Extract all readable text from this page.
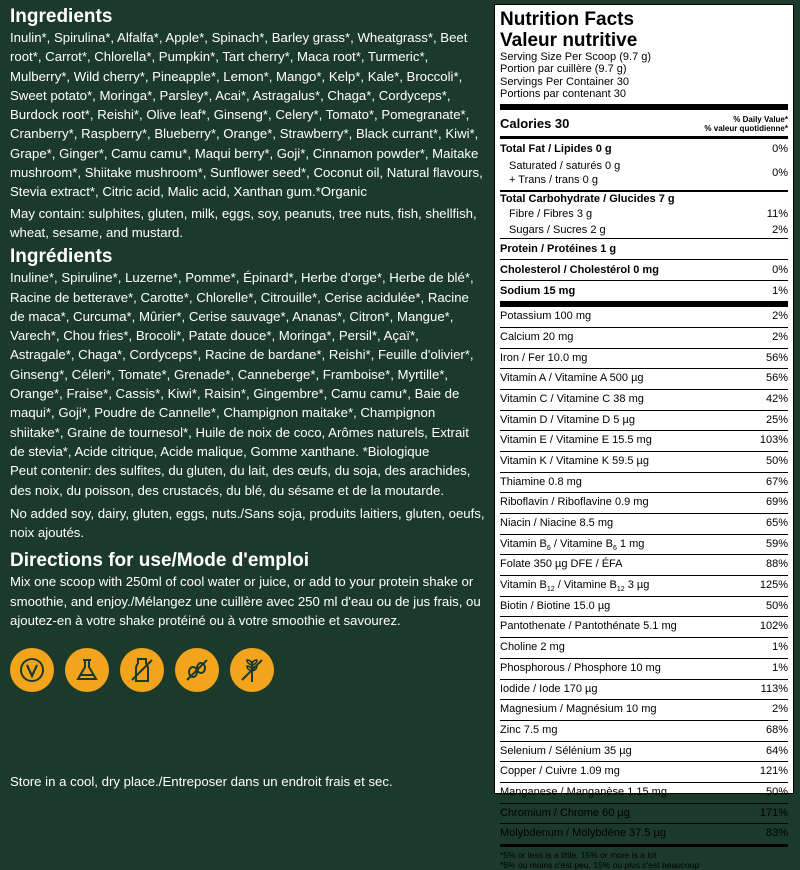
Ingredients

Inulin*, Spirulina*, Alfalfa*, Apple*, Spinach*, Barley grass*, Wheatgrass*, Beet root*, Carrot*, Chlorella*, Pumpkin*, Tart cherry*, Maca root*, Turmeric*, Mulberry*, Wild cherry*, Pineapple*, Lemon*, Mango*, Kelp*, Kale*, Broccoli*, Sweet potato*, Moringa*, Parsley*, Acai*, Astragalus*, Chaga*, Cordyceps*, Burdock root*, Reishi*, Olive leaf*, Ginseng*, Celery*, Tomato*, Pomegranate*, Cranberry*, Raspberry*, Blueberry*, Orange*, Strawberry*, Black currant*, Kiwi*, Grape*, Ginger*, Camu camu*, Maqui berry*, Goji*, Cinnamon powder*, Maitake mushroom*, Shiitake mushroom*, Sunflower seed*, Coconut oil, Natural flavours, Stevia extract*, Citric acid, Malic acid, Xanthan gum.*Organic

May contain: sulphites, gluten, milk, eggs, soy, peanuts, tree nuts, fish, shellfish, wheat, sesame, and mustard.

Ingrédients

Inuline*, Spiruline*, Luzerne*, Pomme*, Épinard*, Herbe d'orge*, Herbe de blé*, Racine de betterave*, Carotte*, Chlorelle*, Citrouille*, Cerise acidulée*, Racine de maca*, Curcuma*, Mûrier*, Cerise sauvage*, Ananas*, Citron*, Mangue*, Varech*, Chou fries*, Brocoli*, Patate douce*, Moringa*, Persil*, Açaï*, Astragale*, Chaga*, Cordyceps*, Racine de bardane*, Reishi*, Feuille d'olivier*, Ginseng*, Céleri*, Tomate*, Grenade*, Canneberge*, Framboise*, Myrtille*, Orange*, Fraise*, Cassis*, Kiwi*, Raisin*, Gingembre*, Camu camu*, Baie de maqui*, Goji*, Poudre de Cannelle*, Champignon maitake*, Champignon shiitake*, Graine de tournesol*, Huile de noix de coco, Arômes naturels, Extrait de stevia*, Acide citrique, Acide malique, Gomme xanthane. *Biologique

Peut contenir: des sulfites, du gluten, du lait, des œufs, du soja, des arachides, des noix, du poisson, des crustacés, du blé, du sésame et de la moutarde.

No added soy, dairy, gluten, eggs, nuts./Sans soja, produits laitiers, gluten, oeufs, noix ajoutés.

Directions for use/Mode d'emploi

Mix one scoop with 250ml of cool water or juice, or add to your protein shake or smoothie, and enjoy./Mélangez une cuillère avec 250 ml d'eau ou de jus frais, ou ajoutez-en à votre shake protéiné ou à votre smoothie et savourez.

Store in a cool, dry place./Entreposer dans un endroit frais et sec.
Nutrition Facts
Valeur nutritive
Serving Size Per Scoop (9.7 g)
Portion par cuillère (9.7 g)
Servings Per Container 30
Portions par contenant 30
Calories 30	% Daily Value*
% valeur quotidienne*
Total Fat / Lipides 0 g	0%
Saturated / saturés 0 g
+ Trans / trans 0 g
0%
Total Carbohydrate / Glucides 7 g
Fibre / Fibres 3 g	11%
Sugars / Sucres 2 g	2%
Protein / Protéines 1 g
Cholesterol / Cholestérol 0 mg	0%
Sodium 15 mg	1%
Potassium 100 mg	2%
Calcium 20 mg	2%
Iron / Fer 10.0 mg	56%
Vitamin A / Vitamine A 500 µg	56%
Vitamin C / Vitamine C 38 mg	42%
Vitamin D / Vitamine D 5 µg	25%
Vitamin E / Vitamine E 15.5 mg	103%
Vitamin K / Vitamine K 59.5 µg	50%
Thiamine 0.8 mg	67%
Riboflavin / Riboflavine 0.9 mg	69%
Niacin / Niacine 8.5 mg	65%
Vitamin $B_6$ / Vitamine $B_6$ 1 mg	59%
Folate 350 µg DFE / ÉFA	88%
Vitamin $B_{12}$ / Vitamine $B_{12}$ 3 µg	125%
Biotin / Biotine 15.0 µg	50%
Pantothenate / Pantothénate 5.1 mg	102%
Choline 2 mg	1%
Phosphorous / Phosphore 10 mg	1%
Iodide / Iode 170 µg	113%
Magnesium / Magnésium 10 mg	2%
Zinc 7.5 mg	68%
Selenium / Sélénium 35 µg	64%
Copper / Cuivre 1.09 mg	121%
Manganese / Manganèse 1.15 mg	50%
Chromium / Chrome 60 µg	171%
Molybdenum / Molybdène 37.5 µg	83%
*5% or less is a little, 15% or more is a lot
*5% ou moins c'est peu, 15% ou plus c'est beaucoup
